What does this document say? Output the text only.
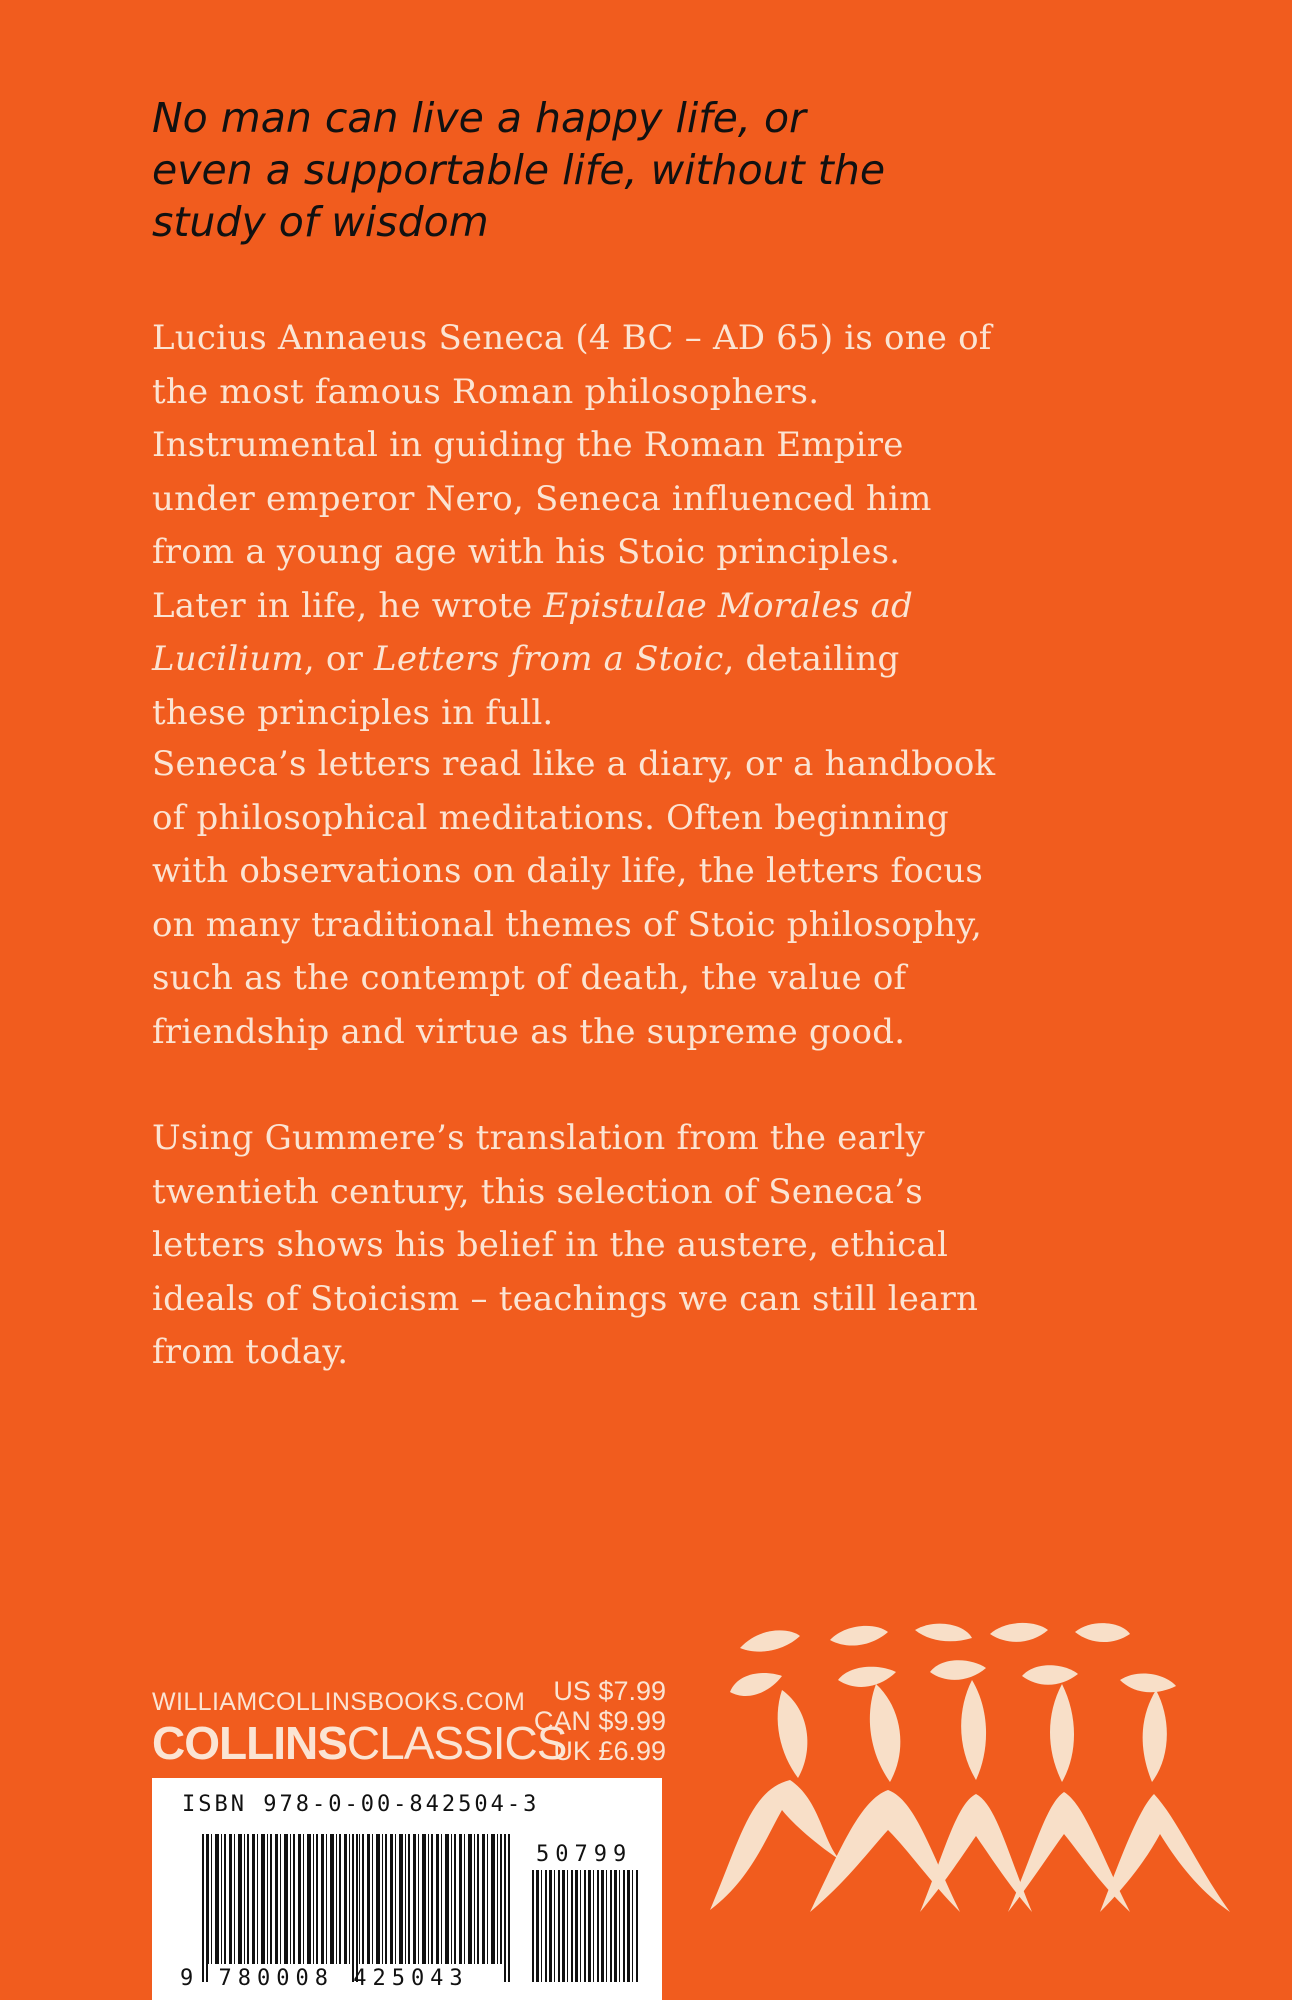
No man can live a happy life, or even a supportable life, without the study of wisdom

Lucius Annaeus Seneca (4 BC – AD 65) is one of the most famous Roman philosophers. Instrumental in guiding the Roman Empire under emperor Nero, Seneca influenced him from a young age with his Stoic principles. Later in life, he wrote Epistulae Morales ad Lucilium, or Letters from a Stoic, detailing these principles in full.

Seneca’s letters read like a diary, or a handbook of philosophical meditations. Often beginning with observations on daily life, the letters focus on many traditional themes of Stoic philosophy, such as the contempt of death, the value of friendship and virtue as the supreme good.

Using Gummere’s translation from the early twentieth century, this selection of Seneca’s letters shows his belief in the austere, ethical ideals of Stoicism – teachings we can still learn from today.

WILLIAMCOLLINSBOOKS.COM
COLLINSCLASSICS
US $7.99
CAN $9.99
UK £6.99
ISBN 978-0-00-842504-3
50799
9 780008 425043
